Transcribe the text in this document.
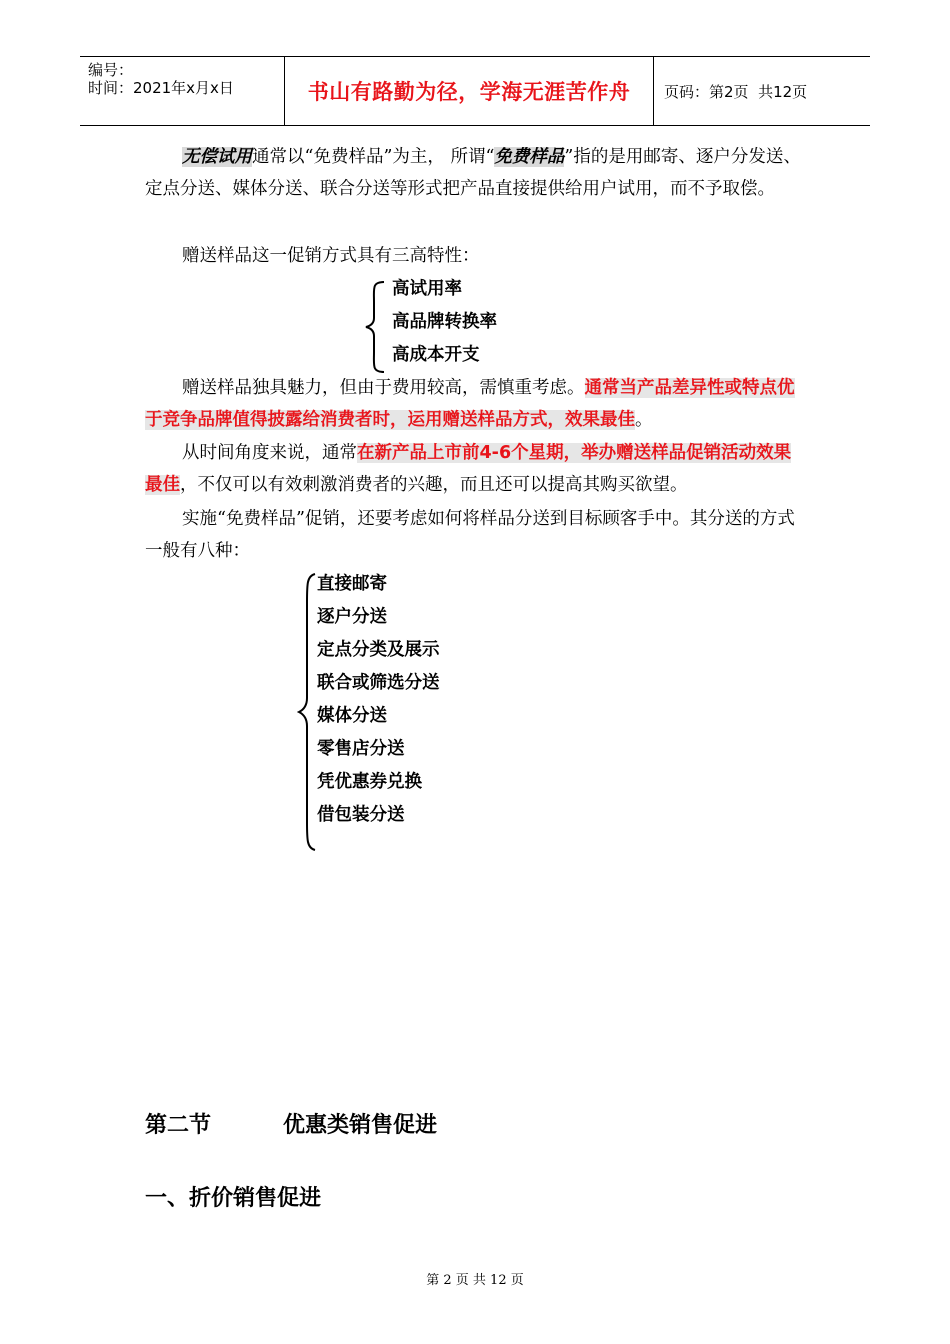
编号：
时间：2021年x月x日	书山有路勤为径，学海无涯苦作舟	页码：第2页  共12页
无偿试用通常以“免费样品”为主， 所谓“免费样品”指的是用邮寄、逐户分发送、定点分送、媒体分送、联合分送等形式把产品直接提供给用户试用，而不予取偿。
赠送样品这一促销方式具有三高特性：
高试用率
高品牌转换率
高成本开支
赠送样品独具魅力，但由于费用较高，需慎重考虑。通常当产品差异性或特点优于竞争品牌值得披露给消费者时，运用赠送样品方式，效果最佳。
从时间角度来说，通常在新产品上市前4-6个星期，举办赠送样品促销活动效果最佳，不仅可以有效刺激消费者的兴趣，而且还可以提高其购买欲望。
实施“免费样品”促销，还要考虑如何将样品分送到目标顾客手中。其分送的方式一般有八种：
直接邮寄
逐户分送
定点分类及展示
联合或筛选分送
媒体分送
零售店分送
凭优惠券兑换
借包装分送
第二节	优惠类销售促进
一、折价销售促进
第 2 页 共 12 页
